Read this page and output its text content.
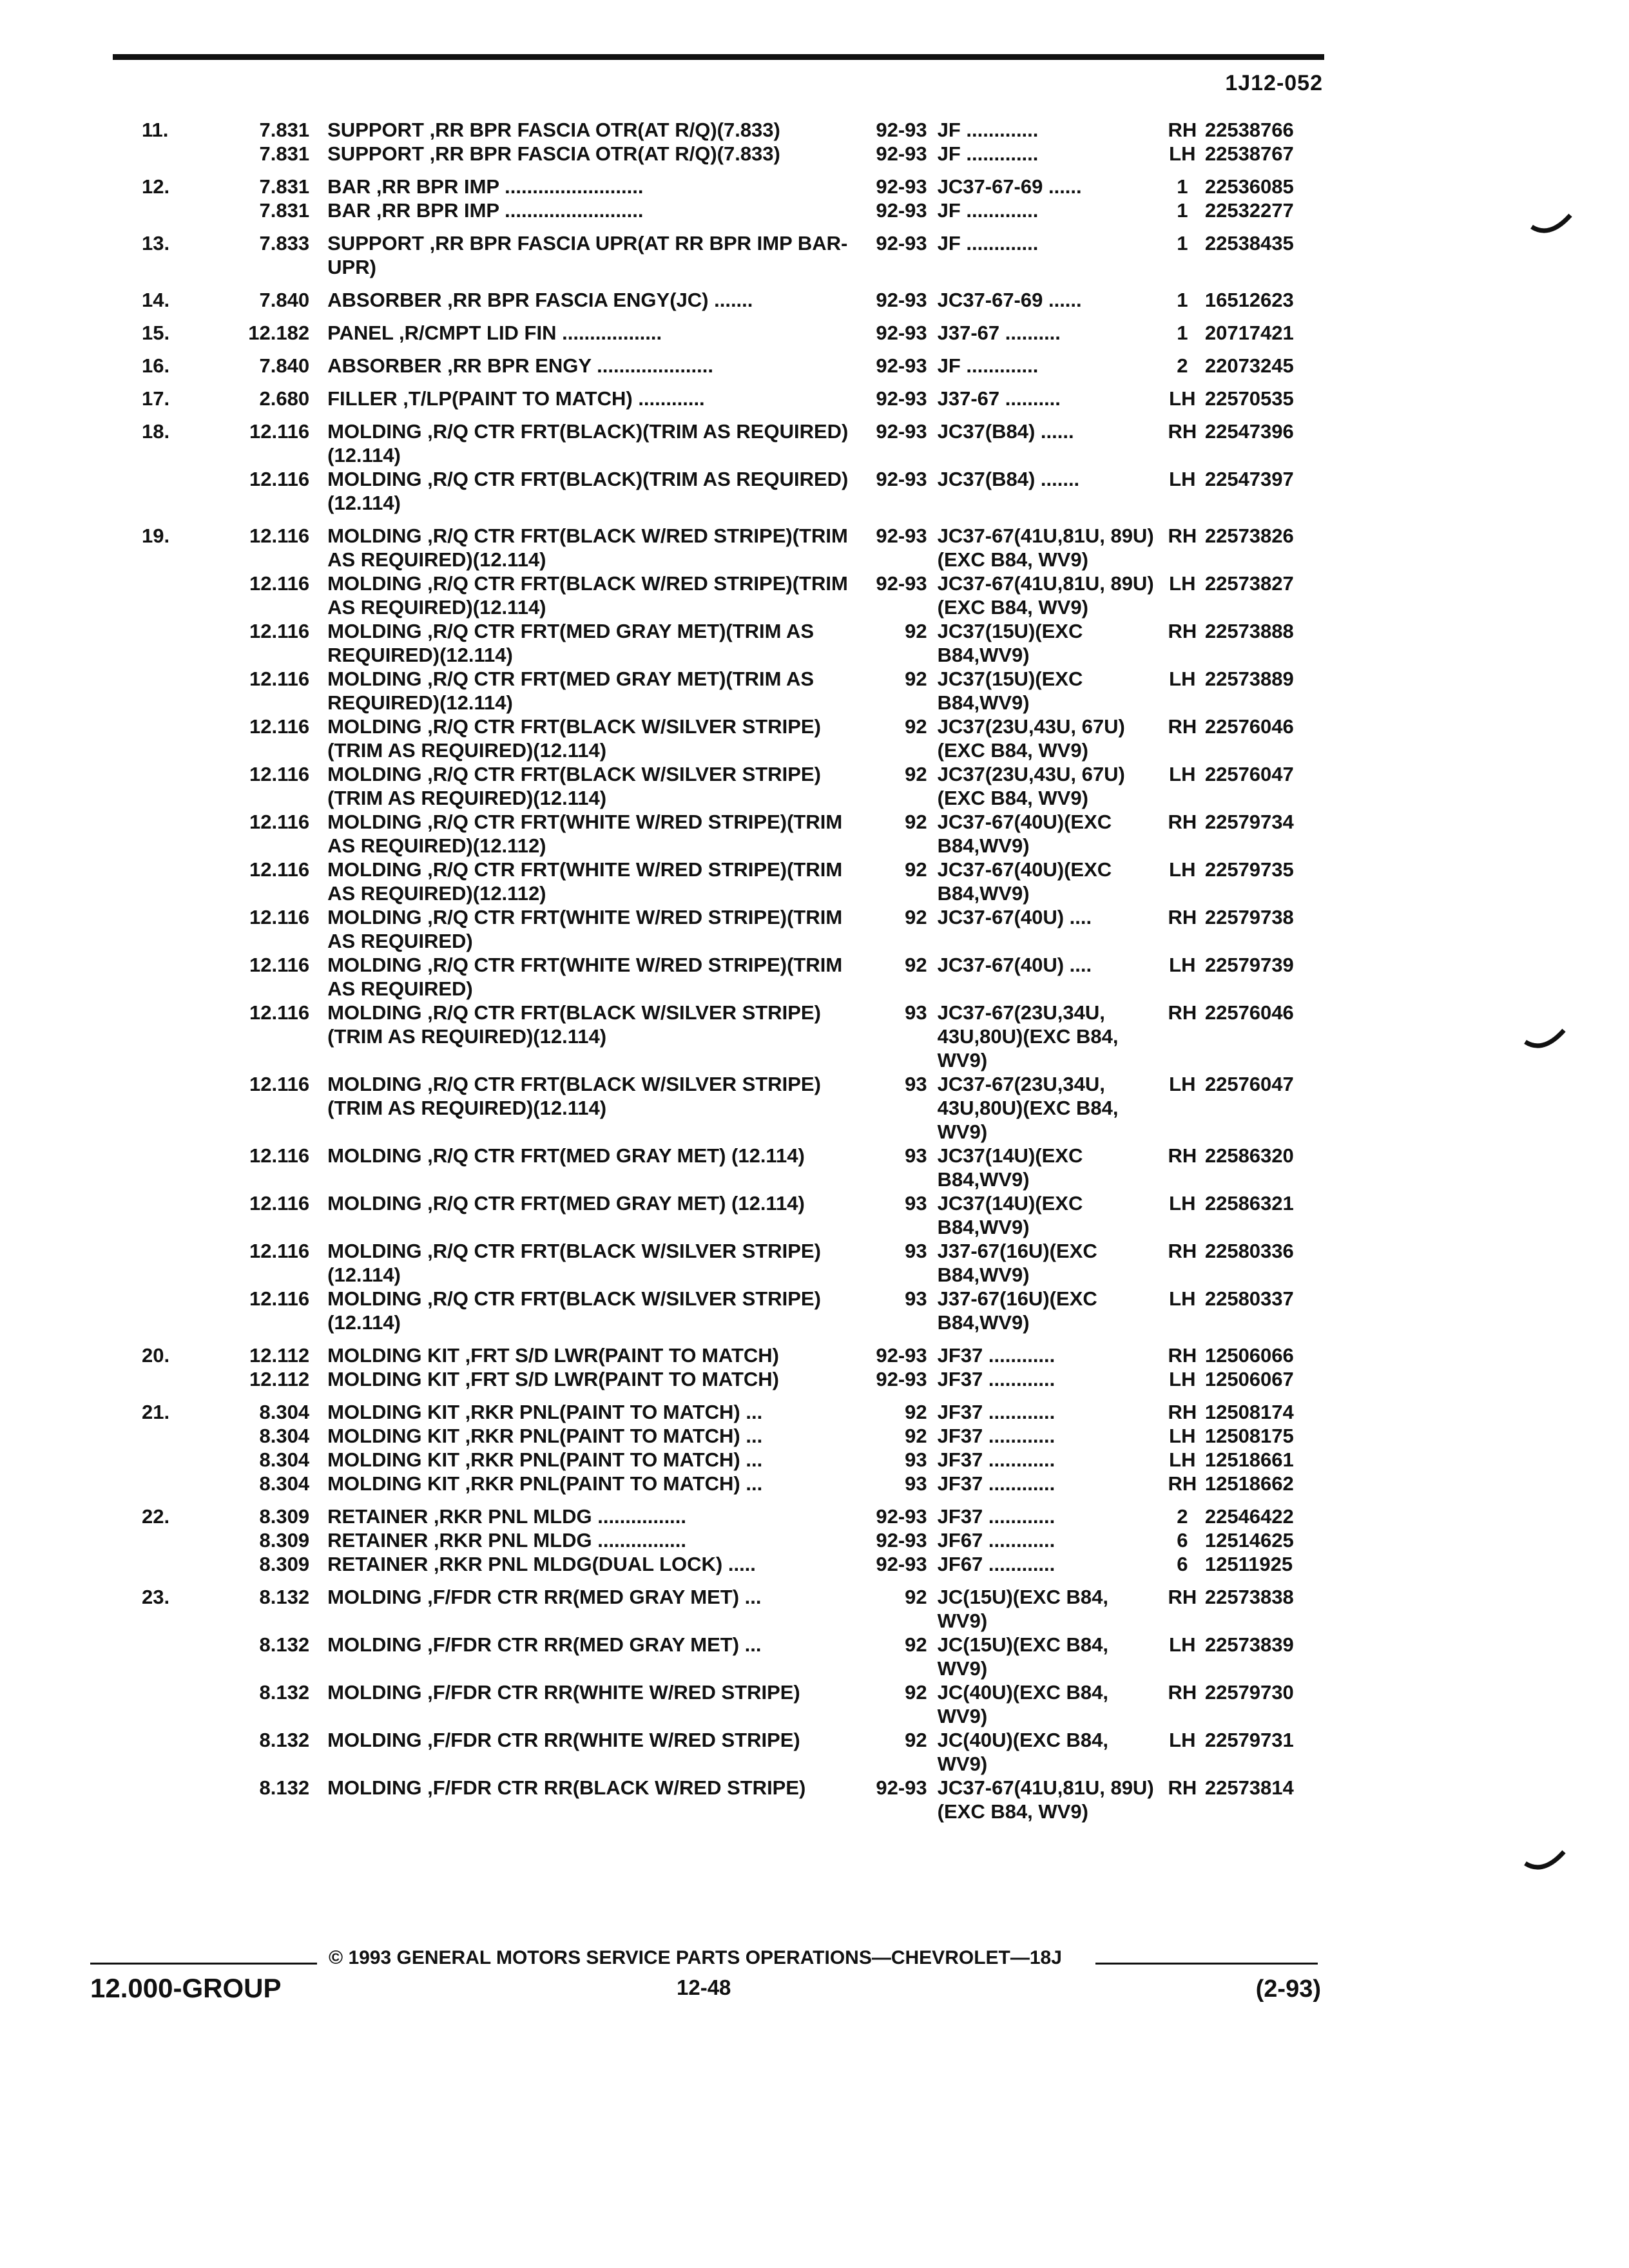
1J12-052
11.	7.831	SUPPORT ,RR BPR FASCIA OTR(AT R/Q)(7.833)	92-93	JF .............	RH	22538766
	7.831	SUPPORT ,RR BPR FASCIA OTR(AT R/Q)(7.833)	92-93	JF .............	LH	22538767
12.	7.831	BAR ,RR BPR IMP .........................	92-93	JC37-67-69 ......	1	22536085
	7.831	BAR ,RR BPR IMP .........................	92-93	JF .............	1	22532277
13.	7.833	SUPPORT ,RR BPR FASCIA UPR(AT RR BPR IMP BAR-UPR)	92-93	JF .............	1	22538435
14.	7.840	ABSORBER ,RR BPR FASCIA ENGY(JC) .......	92-93	JC37-67-69 ......	1	16512623
15.	12.182	PANEL ,R/CMPT LID FIN ..................	92-93	J37-67 ..........	1	20717421
16.	7.840	ABSORBER ,RR BPR ENGY .....................	92-93	JF .............	2	22073245
17.	2.680	FILLER ,T/LP(PAINT TO MATCH) ............	92-93	J37-67 ..........	LH	22570535
18.	12.116	MOLDING ,R/Q CTR FRT(BLACK)(TRIM AS REQUIRED)(12.114)	92-93	JC37(B84) ......	RH	22547396
	12.116	MOLDING ,R/Q CTR FRT(BLACK)(TRIM AS REQUIRED)(12.114)	92-93	JC37(B84) .......	LH	22547397
19.	12.116	MOLDING ,R/Q CTR FRT(BLACK W/RED STRIPE)(TRIM AS REQUIRED)(12.114)	92-93	JC37-67(41U,81U, 89U)(EXC B84, WV9)	RH	22573826
	12.116	MOLDING ,R/Q CTR FRT(BLACK W/RED STRIPE)(TRIM AS REQUIRED)(12.114)	92-93	JC37-67(41U,81U, 89U)(EXC B84, WV9)	LH	22573827
	12.116	MOLDING ,R/Q CTR FRT(MED GRAY MET)(TRIM AS REQUIRED)(12.114)	92	JC37(15U)(EXC B84,WV9)	RH	22573888
	12.116	MOLDING ,R/Q CTR FRT(MED GRAY MET)(TRIM AS REQUIRED)(12.114)	92	JC37(15U)(EXC B84,WV9)	LH	22573889
	12.116	MOLDING ,R/Q CTR FRT(BLACK W/SILVER STRIPE)(TRIM AS REQUIRED)(12.114)	92	JC37(23U,43U, 67U)(EXC B84, WV9)	RH	22576046
	12.116	MOLDING ,R/Q CTR FRT(BLACK W/SILVER STRIPE)(TRIM AS REQUIRED)(12.114)	92	JC37(23U,43U, 67U)(EXC B84, WV9)	LH	22576047
	12.116	MOLDING ,R/Q CTR FRT(WHITE W/RED STRIPE)(TRIM AS REQUIRED)(12.112)	92	JC37-67(40U)(EXC B84,WV9)	RH	22579734
	12.116	MOLDING ,R/Q CTR FRT(WHITE W/RED STRIPE)(TRIM AS REQUIRED)(12.112)	92	JC37-67(40U)(EXC B84,WV9)	LH	22579735
	12.116	MOLDING ,R/Q CTR FRT(WHITE W/RED STRIPE)(TRIM AS REQUIRED)	92	JC37-67(40U) ....	RH	22579738
	12.116	MOLDING ,R/Q CTR FRT(WHITE W/RED STRIPE)(TRIM AS REQUIRED)	92	JC37-67(40U) ....	LH	22579739
	12.116	MOLDING ,R/Q CTR FRT(BLACK W/SILVER STRIPE)(TRIM AS REQUIRED)(12.114)	93	JC37-67(23U,34U, 43U,80U)(EXC B84, WV9)	RH	22576046
	12.116	MOLDING ,R/Q CTR FRT(BLACK W/SILVER STRIPE)(TRIM AS REQUIRED)(12.114)	93	JC37-67(23U,34U, 43U,80U)(EXC B84, WV9)	LH	22576047
	12.116	MOLDING ,R/Q CTR FRT(MED GRAY MET) (12.114)	93	JC37(14U)(EXC B84,WV9)	RH	22586320
	12.116	MOLDING ,R/Q CTR FRT(MED GRAY MET) (12.114)	93	JC37(14U)(EXC B84,WV9)	LH	22586321
	12.116	MOLDING ,R/Q CTR FRT(BLACK W/SILVER STRIPE)(12.114)	93	J37-67(16U)(EXC B84,WV9)	RH	22580336
	12.116	MOLDING ,R/Q CTR FRT(BLACK W/SILVER STRIPE)(12.114)	93	J37-67(16U)(EXC B84,WV9)	LH	22580337
20.	12.112	MOLDING KIT ,FRT S/D LWR(PAINT TO MATCH)	92-93	JF37 ............	RH	12506066
	12.112	MOLDING KIT ,FRT S/D LWR(PAINT TO MATCH)	92-93	JF37 ............	LH	12506067
21.	8.304	MOLDING KIT ,RKR PNL(PAINT TO MATCH) ...	92	JF37 ............	RH	12508174
	8.304	MOLDING KIT ,RKR PNL(PAINT TO MATCH) ...	92	JF37 ............	LH	12508175
	8.304	MOLDING KIT ,RKR PNL(PAINT TO MATCH) ...	93	JF37 ............	LH	12518661
	8.304	MOLDING KIT ,RKR PNL(PAINT TO MATCH) ...	93	JF37 ............	RH	12518662
22.	8.309	RETAINER ,RKR PNL MLDG ................	92-93	JF37 ............	2	22546422
	8.309	RETAINER ,RKR PNL MLDG ................	92-93	JF67 ............	6	12514625
	8.309	RETAINER ,RKR PNL MLDG(DUAL LOCK) .....	92-93	JF67 ............	6	12511925
23.	8.132	MOLDING ,F/FDR CTR RR(MED GRAY MET) ...	92	JC(15U)(EXC B84, WV9)	RH	22573838
	8.132	MOLDING ,F/FDR CTR RR(MED GRAY MET) ...	92	JC(15U)(EXC B84, WV9)	LH	22573839
	8.132	MOLDING ,F/FDR CTR RR(WHITE W/RED STRIPE)	92	JC(40U)(EXC B84, WV9)	RH	22579730
	8.132	MOLDING ,F/FDR CTR RR(WHITE W/RED STRIPE)	92	JC(40U)(EXC B84, WV9)	LH	22579731
	8.132	MOLDING ,F/FDR CTR RR(BLACK W/RED STRIPE)	92-93	JC37-67(41U,81U, 89U)(EXC B84, WV9)	RH	22573814
© 1993 GENERAL MOTORS SERVICE PARTS OPERATIONS—CHEVROLET—18J
12.000-GROUP	12-48	(2-93)
